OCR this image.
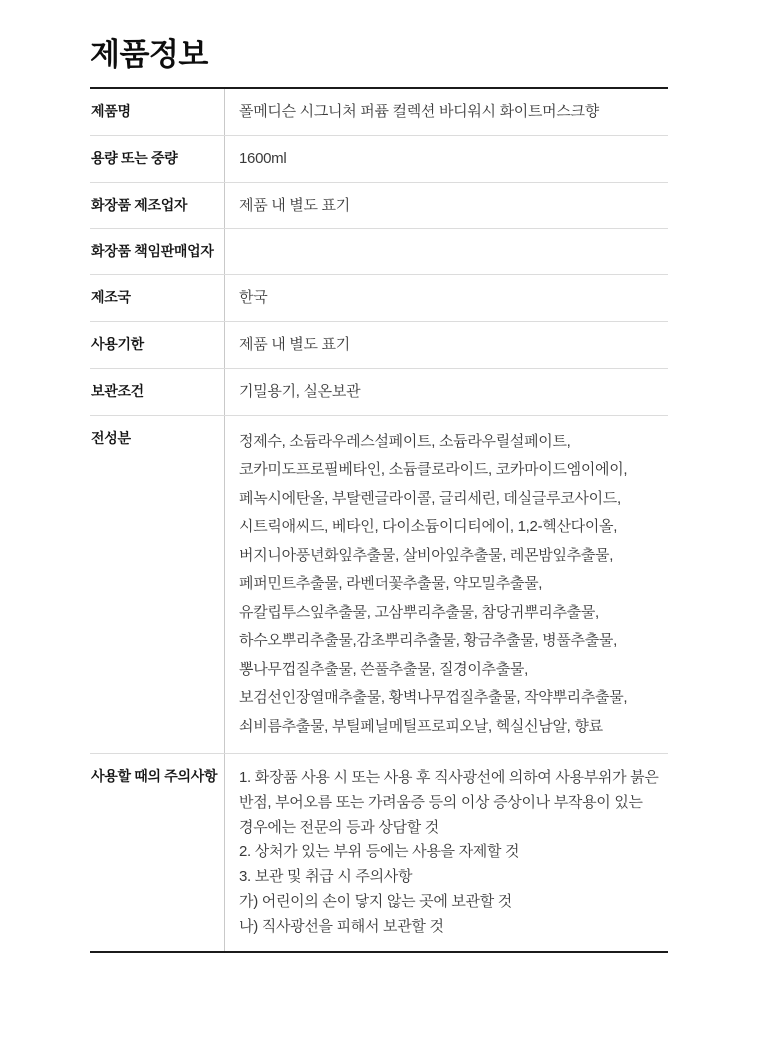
제품정보
제품명	폴메디슨 시그니처 퍼퓸 컬렉션 바디워시 화이트머스크향
용량 또는 중량	1600ml
화장품 제조업자	제품 내 별도 표기
화장품 책임판매업자
제조국	한국
사용기한	제품 내 별도 표기
보관조건	기밀용기, 실온보관
전성분	정제수, 소듐라우레스설페이트, 소듐라우릴설페이트, 코카미도프로필베타인, 소듐클로라이드, 코카마이드엠이에이, 페녹시에탄올, 부탈렌글라이콜, 글리세린, 데실글루코사이드, 시트릭애씨드, 베타인, 다이소듐이디티에이, 1,2-헥산다이올, 버지니아풍년화잎추출물, 살비아잎추출물, 레몬밤잎추출물, 페퍼민트추출물, 라벤더꽃추출물, 약모밀추출물, 유칼립투스잎추출물, 고삼뿌리추출물, 참당귀뿌리추출물, 하수오뿌리추출물,감초뿌리추출물, 황금추출물, 병풀추출물, 뽕나무껍질추출물, 쓴풀추출물, 질경이추출물, 보검선인장열매추출물, 황벽나무껍질추출물, 작약뿌리추출물, 쇠비름추출물, 부틸페닐메틸프로피오날, 헥실신남알, 향료
사용할 때의 주의사항	1. 화장품 사용 시 또는 사용 후 직사광선에 의하여 사용부위가 붉은 반점, 부어오름 또는 가려움증 등의 이상 증상이나 부작용이 있는 경우에는 전문의 등과 상담할 것
2. 상처가 있는 부위 등에는 사용을 자제할 것
3. 보관 및 취급 시 주의사항
가) 어린이의 손이 닿지 않는 곳에 보관할 것
나) 직사광선을 피해서 보관할 것
